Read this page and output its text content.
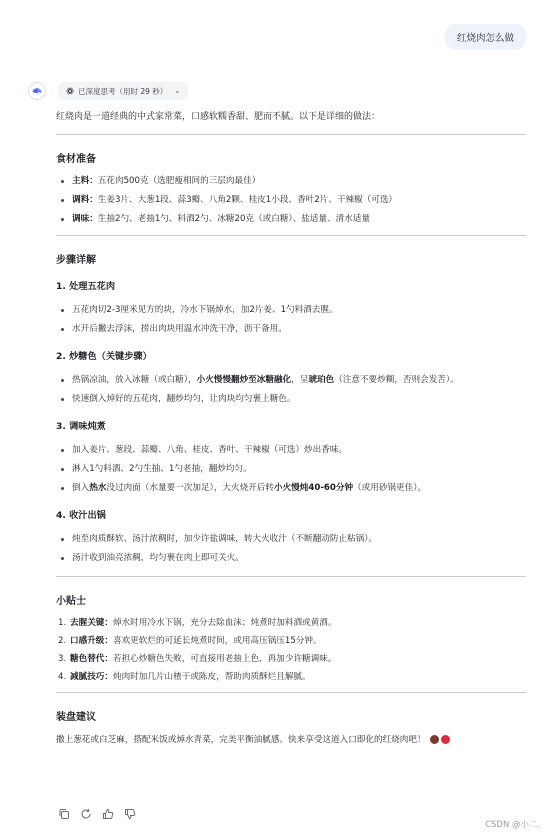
红烧肉怎么做
已深度思考（用时 29 秒） ⌄

红烧肉是一道经典的中式家常菜，口感软糯香甜、肥而不腻。以下是详细的做法：

食材准备
主料：五花肉500克（选肥瘦相间的三层肉最佳）
调料：生姜3片、大葱1段、蒜3瓣、八角2颗、桂皮1小段、香叶2片、干辣椒（可选）
调味：生抽2勺、老抽1勺、料酒2勺、冰糖20克（或白糖）、盐适量、清水适量
步骤详解
1. 处理五花肉
五花肉切2-3厘米见方的块，冷水下锅焯水，加2片姜、1勺料酒去腥。
水开后撇去浮沫，捞出肉块用温水冲洗干净，沥干备用。
2. 炒糖色（关键步骤）
热锅凉油，放入冰糖（或白糖），小火慢慢翻炒至冰糖融化，呈琥珀色（注意不要炒糊，否则会发苦）。
快速倒入焯好的五花肉，翻炒均匀，让肉块均匀裹上糖色。
3. 调味炖煮
加入姜片、葱段、蒜瓣、八角、桂皮、香叶、干辣椒（可选）炒出香味。
淋入1勺料酒、2勺生抽、1勺老抽，翻炒均匀。
倒入热水没过肉面（水量要一次加足），大火烧开后转小火慢炖40-60分钟（或用砂锅更佳）。
4. 收汁出锅
炖至肉质酥软、汤汁浓稠时，加少许盐调味，转大火收汁（不断翻动防止粘锅）。
汤汁收到油亮浓稠，均匀裹在肉上即可关火。
小贴士
1. 去腥关键：焯水时用冷水下锅，充分去除血沫；炖煮时加料酒或黄酒。
2. 口感升级：喜欢更软烂的可延长炖煮时间，或用高压锅压15分钟。
3. 糖色替代：若担心炒糖色失败，可直接用老抽上色，再加少许糖调味。
4. 减腻技巧：炖肉时加几片山楂干或陈皮，帮助肉质酥烂且解腻。
装盘建议

撒上葱花或白芝麻，搭配米饭或焯水青菜，完美平衡油腻感。快来享受这道入口即化的红烧肉吧！

CSDN @小二。
